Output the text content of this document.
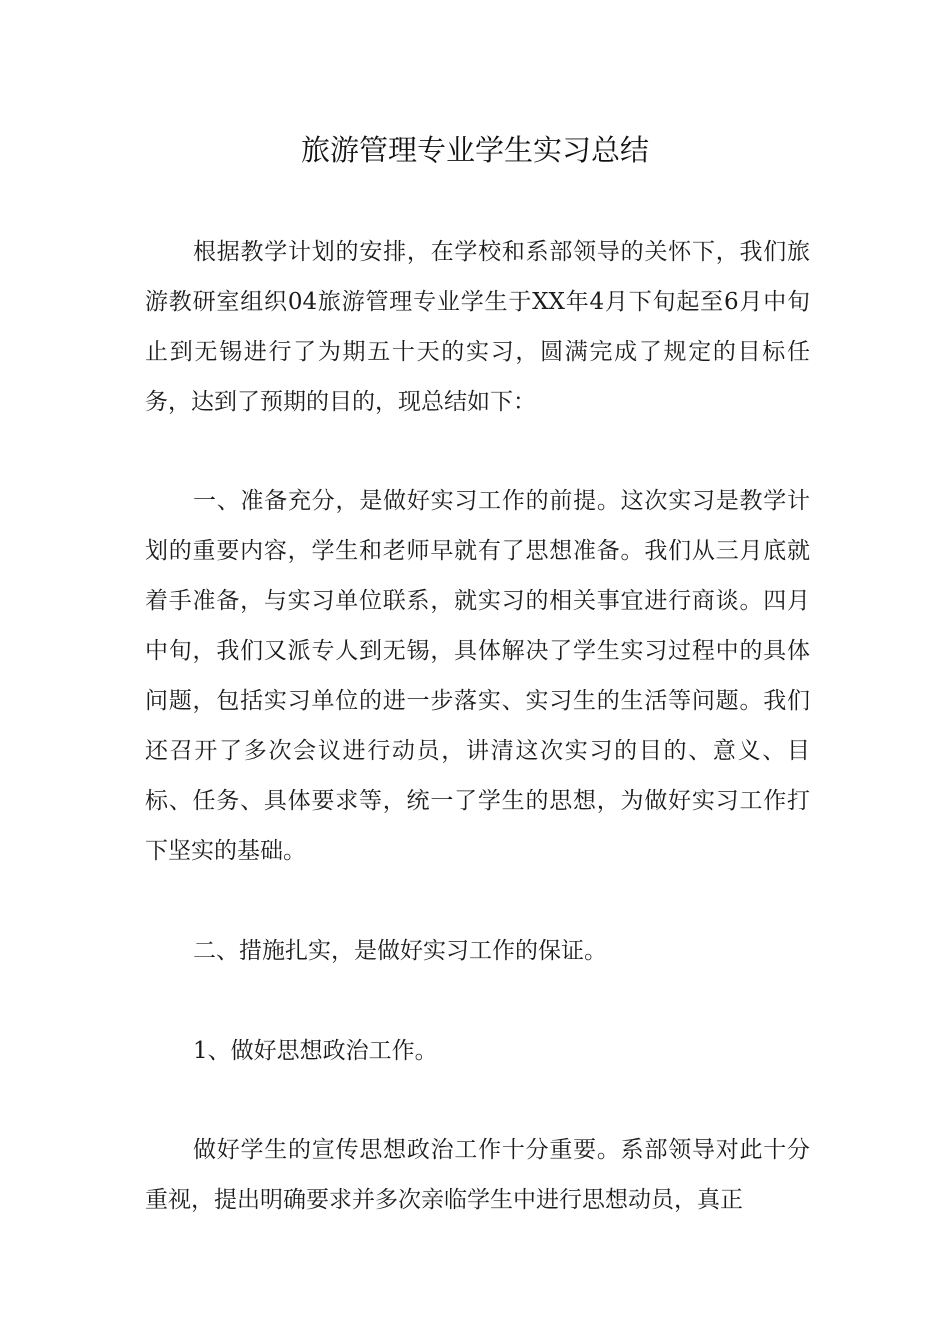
旅游管理专业学生实习总结

根据教学计划的安排，在学校和系部领导的关怀下，我们旅游教研室组织04旅游管理专业学生于XX年4月下旬起至6月中旬止到无锡进行了为期五十天的实习，圆满完成了规定的目标任务，达到了预期的目的，现总结如下：

一、准备充分，是做好实习工作的前提。这次实习是教学计划的重要内容，学生和老师早就有了思想准备。我们从三月底就着手准备，与实习单位联系，就实习的相关事宜进行商谈。四月中旬，我们又派专人到无锡，具体解决了学生实习过程中的具体问题，包括实习单位的进一步落实、实习生的生活等问题。我们还召开了多次会议进行动员，讲清这次实习的目的、意义、目标、任务、具体要求等，统一了学生的思想，为做好实习工作打下坚实的基础。

二、措施扎实，是做好实习工作的保证。

1、做好思想政治工作。

做好学生的宣传思想政治工作十分重要。系部领导对此十分重视，提出明确要求并多次亲临学生中进行思想动员，真正
